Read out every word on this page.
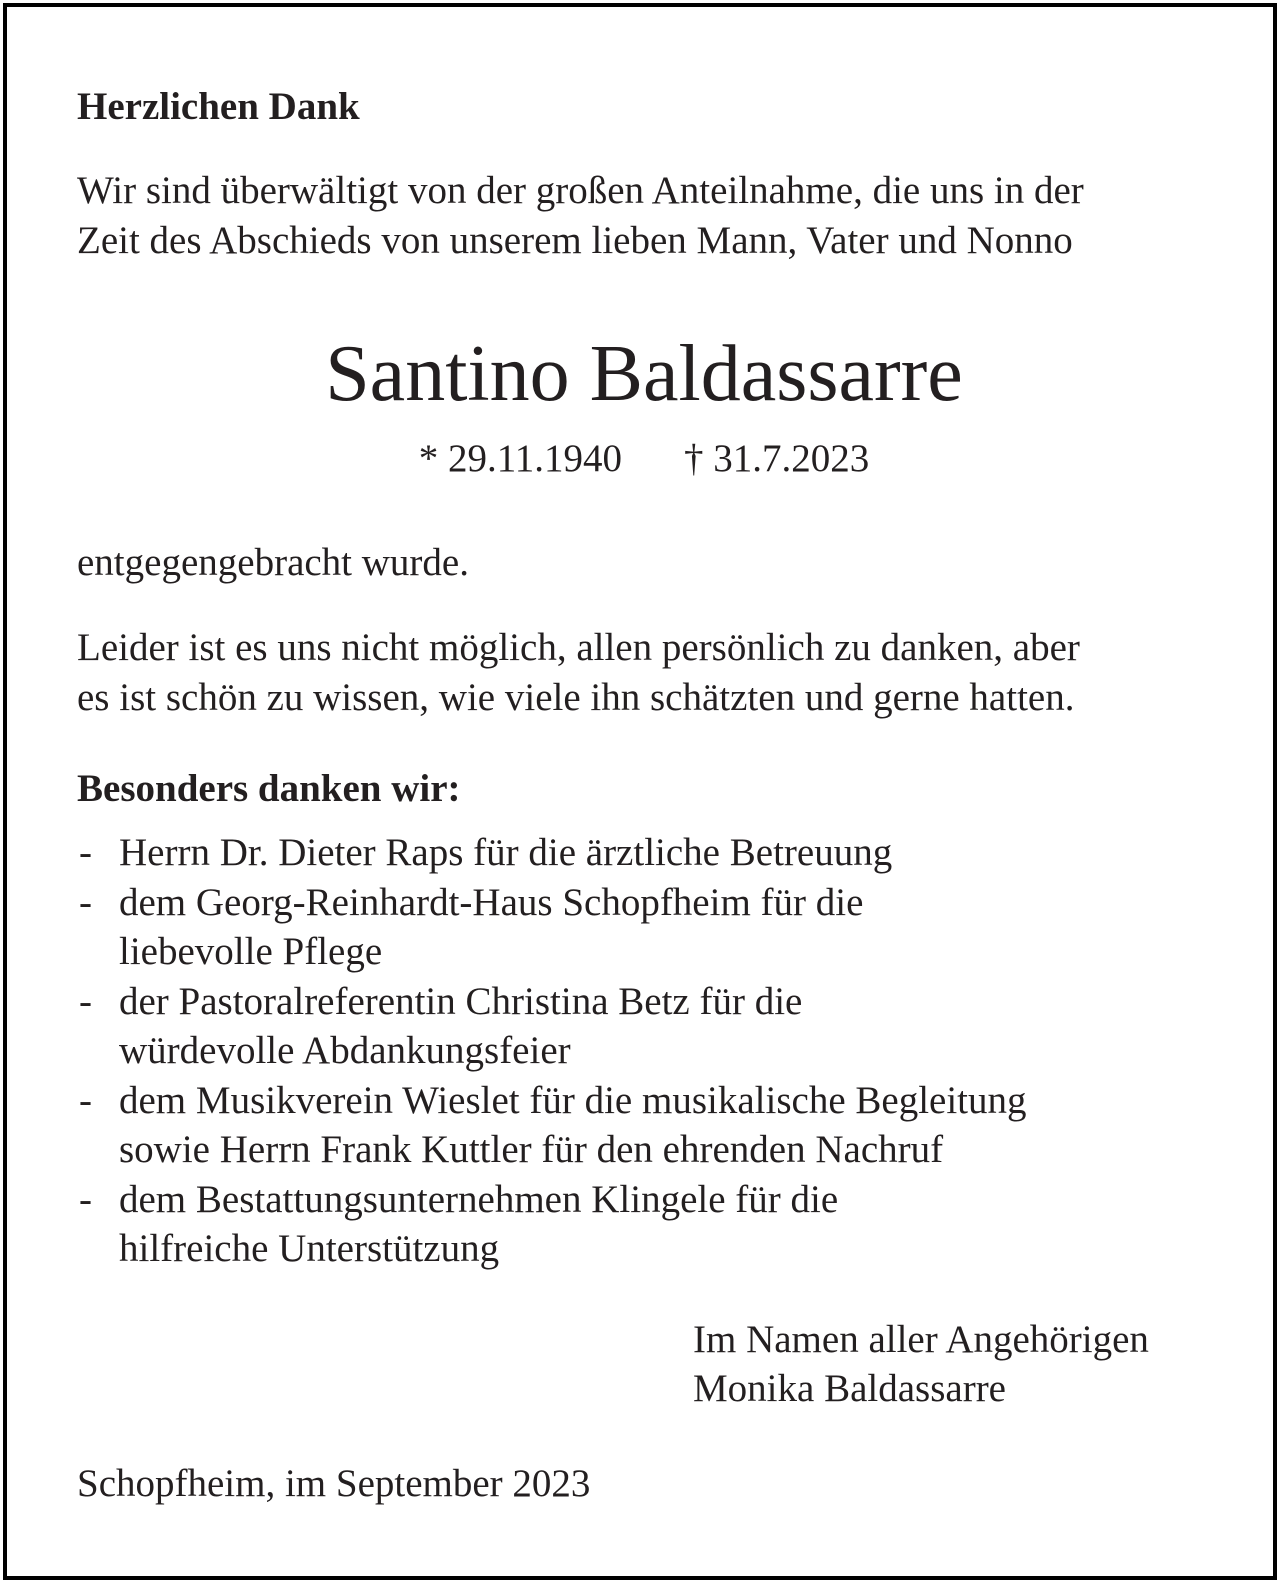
Herzlichen Dank

Wir sind überwältigt von der großen Anteilnahme, die uns in der

Zeit des Abschieds von unserem lieben Mann, Vater und Nonno

Santino Baldassarre
* 29.11.1940 † 31.7.2023

entgegengebracht wurde.

Leider ist es uns nicht möglich, allen persönlich zu danken, aber

es ist schön zu wissen, wie viele ihn schätzten und gerne hatten.

Besonders danken wir:

- Herrn Dr. Dieter Raps für die ärztliche Betreuung
- dem Georg-Reinhardt-Haus Schopfheim für die
liebevolle Pflege
- der Pastoralreferentin Christina Betz für die
würdevolle Abdankungsfeier
- dem Musikverein Wieslet für die musikalische Begleitung
sowie Herrn Frank Kuttler für den ehrenden Nachruf
- dem Bestattungsunternehmen Klingele für die
hilfreiche Unterstützung
Im Namen aller Angehörigen
Monika Baldassarre

Schopfheim, im September 2023
